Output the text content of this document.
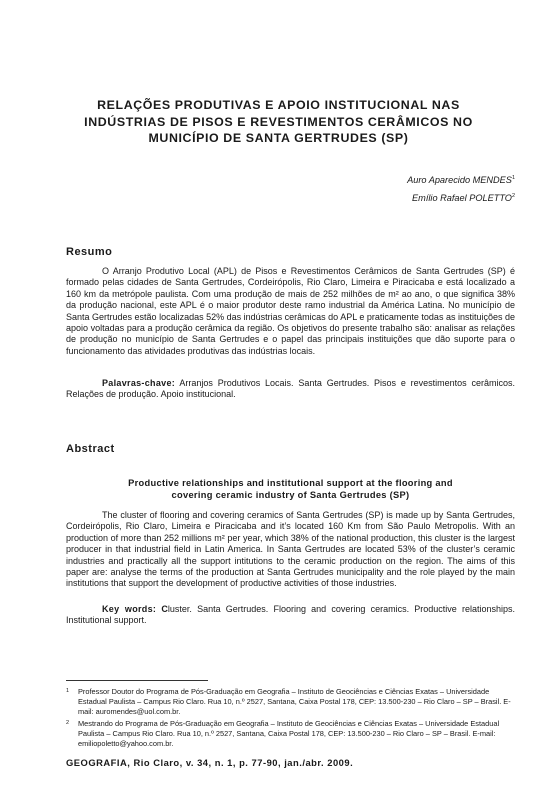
RELAÇÕES PRODUTIVAS E APOIO INSTITUCIONAL NAS
INDÚSTRIAS DE PISOS E REVESTIMENTOS CERÂMICOS NO
MUNICÍPIO DE SANTA GERTRUDES (SP)
Auro Aparecido MENDES$^1$
Emílio Rafael POLETTO$^2$
Resumo
O Arranjo Produtivo Local (APL) de Pisos e Revestimentos Cerâmicos de Santa Gertrudes (SP) é formado pelas cidades de Santa Gertrudes, Cordeirópolis, Rio Claro, Limeira e Piracicaba e está localizado a 160 km da metrópole paulista. Com uma produção de mais de 252 milhões de m² ao ano, o que significa 38% da produção nacional, este APL é o maior produtor deste ramo industrial da América Latina. No município de Santa Gertrudes estão localizadas 52% das indústrias cerâmicas do APL e praticamente todas as instituições de apoio voltadas para a produção cerâmica da região. Os objetivos do presente trabalho são: analisar as relações de produção no município de Santa Gertrudes e o papel das principais instituições que dão suporte para o funcionamento das atividades produtivas das indústrias locais.
Palavras-chave: Arranjos Produtivos Locais. Santa Gertrudes. Pisos e revestimentos cerâmicos. Relações de produção. Apoio institucional.
Abstract
Productive relationships and institutional support at the flooring and
covering ceramic industry of Santa Gertrudes (SP)
The cluster of flooring and covering ceramics of Santa Gertrudes (SP) is made up by Santa Gertrudes, Cordeirópolis, Rio Claro, Limeira e Piracicaba and it’s located 160 Km from São Paulo Metropolis. With an production of more than 252 millions m² per year, which 38% of the national production, this cluster is the largest producer in that industrial field in Latin America. In Santa Gertrudes are located 53% of the cluster’s ceramic industries and practically all the support intitutions to the ceramic production on the region. The aims of this paper are: analyse the terms of the production at Santa Gertrudes municipality and the role played by the main institutions that support the development of productive activities of those industries.
Key words: Cluster. Santa Gertrudes. Flooring and covering ceramics. Productive relationships. Institutional support.
1 Professor Doutor do Programa de Pós-Graduação em Geografia – Instituto de Geociências e Ciências Exatas – Universidade Estadual Paulista – Campus Rio Claro. Rua 10, n.º 2527, Santana, Caixa Postal 178, CEP: 13.500-230 – Rio Claro – SP – Brasil. E-mail: auromendes@uol.com.br.
2 Mestrando do Programa de Pós-Graduação em Geografia – Instituto de Geociências e Ciências Exatas – Universidade Estadual Paulista – Campus Rio Claro. Rua 10, n.º 2527, Santana, Caixa Postal 178, CEP: 13.500-230 – Rio Claro – SP – Brasil. E-mail: emiliopoletto@yahoo.com.br.
GEOGRAFIA, Rio Claro, v. 34, n. 1, p. 77-90, jan./abr. 2009.
